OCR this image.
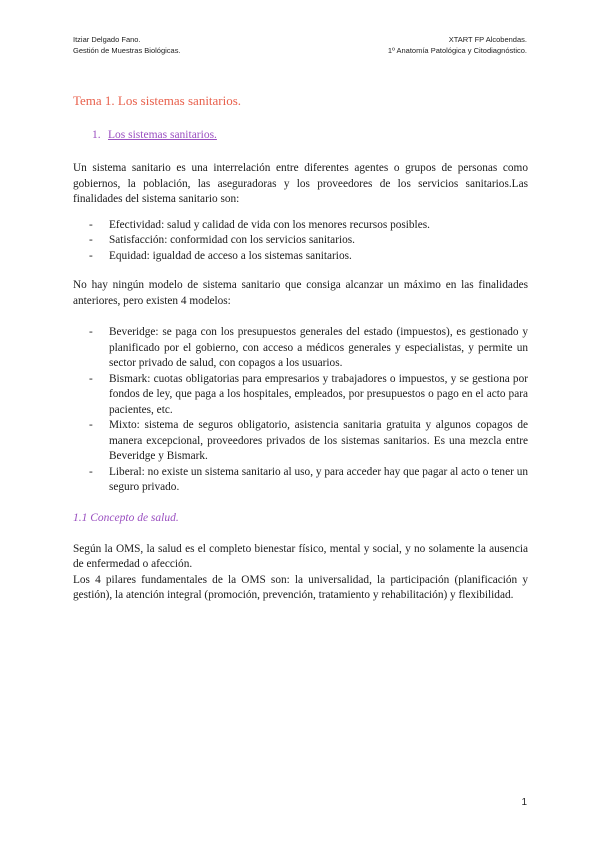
Itziar Delgado Fano.
Gestión de Muestras Biológicas.
XTART FP Alcobendas.
1º Anatomía Patológica y Citodiagnóstico.
Tema 1. Los sistemas sanitarios.
1. Los sistemas sanitarios.

Un sistema sanitario es una interrelación entre diferentes agentes o grupos de personas como gobiernos, la población, las aseguradoras y los proveedores de los servicios sanitarios.Las finalidades del sistema sanitario son:

- Efectividad: salud y calidad de vida con los menores recursos posibles.
- Satisfacción: conformidad con los servicios sanitarios.
- Equidad: igualdad de acceso a los sistemas sanitarios.

No hay ningún modelo de sistema sanitario que consiga alcanzar un máximo en las finalidades anteriores, pero existen 4 modelos:

- Beveridge: se paga con los presupuestos generales del estado (impuestos), es gestionado y planificado por el gobierno, con acceso a médicos generales y especialistas, y permite un sector privado de salud, con copagos a los usuarios.
- Bismark: cuotas obligatorias para empresarios y trabajadores o impuestos, y se gestiona por fondos de ley, que paga a los hospitales, empleados, por presupuestos o pago en el acto para pacientes, etc.
- Mixto: sistema de seguros obligatorio, asistencia sanitaria gratuita y algunos copagos de manera excepcional, proveedores privados de los sistemas sanitarios. Es una mezcla entre Beveridge y Bismark.
- Liberal: no existe un sistema sanitario al uso, y para acceder hay que pagar al acto o tener un seguro privado.
1.1 Concepto de salud.

Según la OMS, la salud es el completo bienestar físico, mental y social, y no solamente la ausencia de enfermedad o afección.

Los 4 pilares fundamentales de la OMS son: la universalidad, la participación (planificación y gestión), la atención integral (promoción, prevención, tratamiento y rehabilitación) y flexibilidad.

1
